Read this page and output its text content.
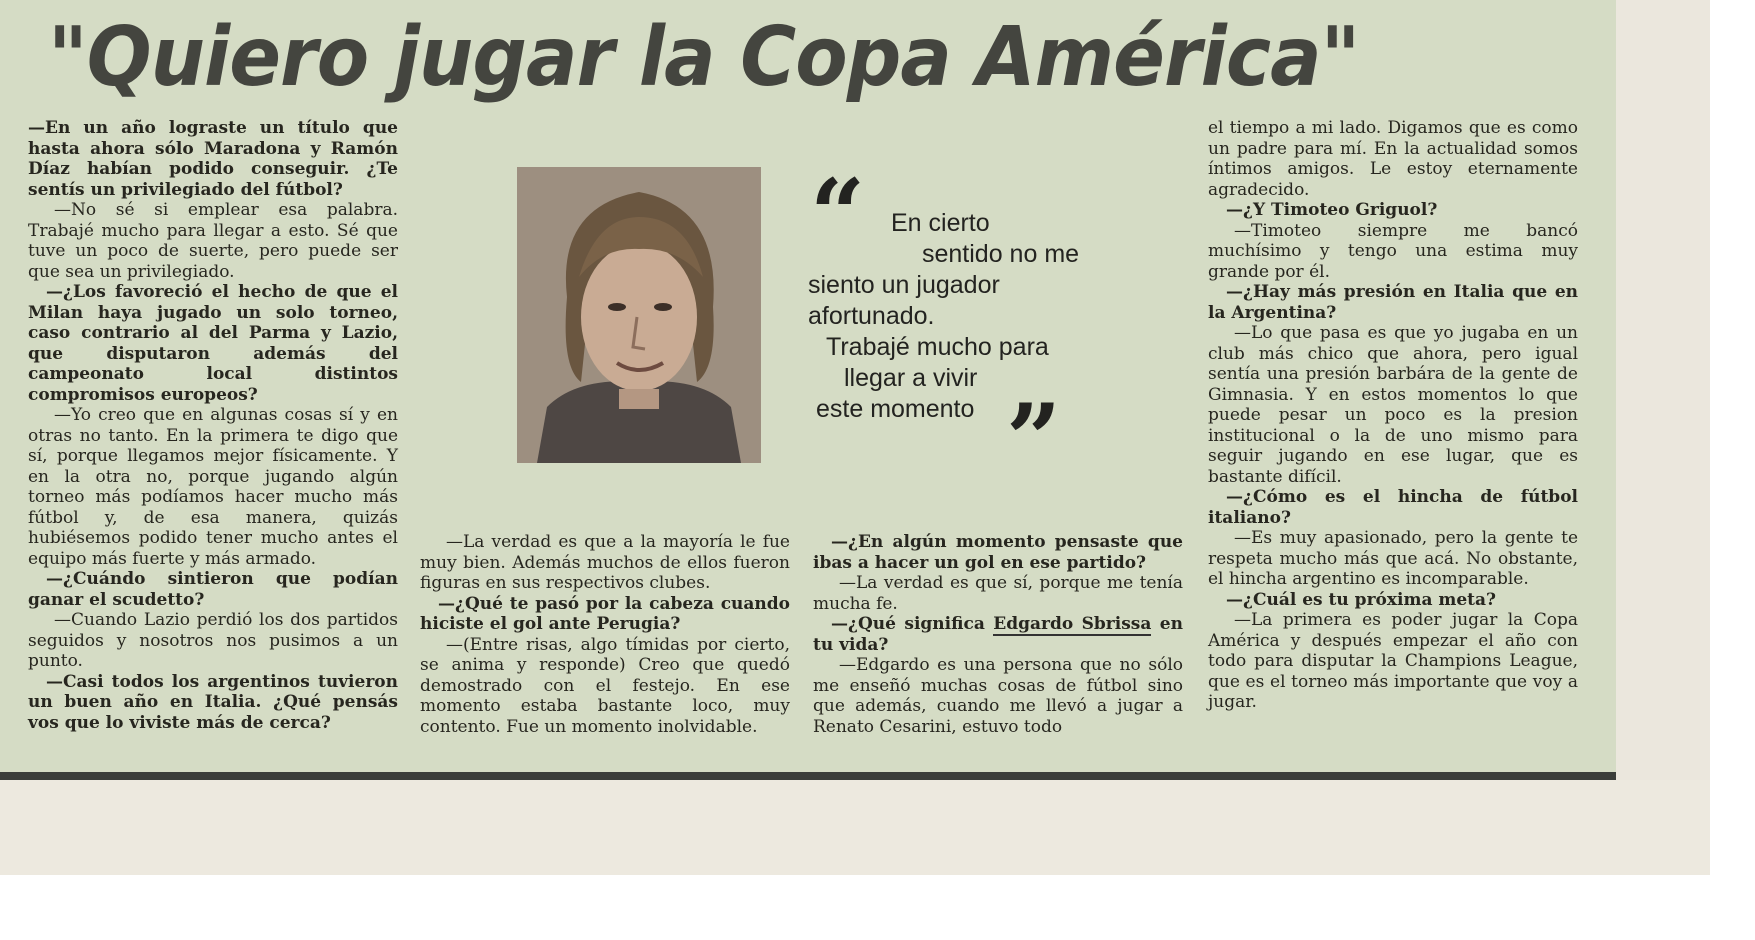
"Quiero jugar la Copa América"

—En un año lograste un título que hasta ahora sólo Maradona y Ramón Díaz habían podido conseguir. ¿Te sentís un privilegiado del fútbol?

—No sé si emplear esa palabra. Trabajé mucho para llegar a esto. Sé que tuve un poco de suerte, pero puede ser que sea un privilegiado.

—¿Los favoreció el hecho de que el Milan haya jugado un solo torneo, caso contrario al del Parma y Lazio, que disputaron además del campeonato local distintos compromisos europeos?

—Yo creo que en algunas cosas sí y en otras no tanto. En la primera te digo que sí, porque llegamos mejor físicamente. Y en la otra no, porque jugando algún torneo más podíamos hacer mucho más fútbol y, de esa manera, quizás hubiésemos podido tener mucho antes el equipo más fuerte y más armado.

—¿Cuándo sintieron que podían ganar el scudetto?

—Cuando Lazio perdió los dos partidos seguidos y nosotros nos pusimos a un punto.

—Casi todos los argentinos tuvieron un buen año en Italia. ¿Qué pensás vos que lo viviste más de cerca?

“
”
En cierto
sentido no me
siento un jugador
afortunado.
Trabajé mucho para
llegar a vivir
este momento

—La verdad es que a la mayoría le fue muy bien. Además muchos de ellos fueron figuras en sus respectivos clubes.

—¿Qué te pasó por la cabeza cuando hiciste el gol ante Perugia?

—(Entre risas, algo tímidas por cierto, se anima y responde) Creo que quedó demostrado con el festejo. En ese momento estaba bastante loco, muy contento. Fue un momento inolvidable.

—¿En algún momento pensaste que ibas a hacer un gol en ese partido?

—La verdad es que sí, porque me tenía mucha fe.

—¿Qué significa Edgardo Sbrissa en tu vida?

—Edgardo es una persona que no sólo me enseñó muchas cosas de fútbol sino que además, cuando me llevó a jugar a Renato Cesarini, estuvo todo

el tiempo a mi lado. Digamos que es como un padre para mí. En la actualidad somos íntimos amigos. Le estoy eternamente agradecido.

—¿Y Timoteo Griguol?

—Timoteo siempre me bancó muchísimo y tengo una estima muy grande por él.

—¿Hay más presión en Italia que en la Argentina?

—Lo que pasa es que yo jugaba en un club más chico que ahora, pero igual sentía una presión barbára de la gente de Gimnasia. Y en estos momentos lo que puede pesar un poco es la presion institucional o la de uno mismo para seguir jugando en ese lugar, que es bastante difícil.

—¿Cómo es el hincha de fútbol italiano?

—Es muy apasionado, pero la gente te respeta mucho más que acá. No obstante, el hincha argentino es incomparable.

—¿Cuál es tu próxima meta?

—La primera es poder jugar la Copa América y después empezar el año con todo para disputar la Champions League, que es el torneo más importante que voy a jugar.
